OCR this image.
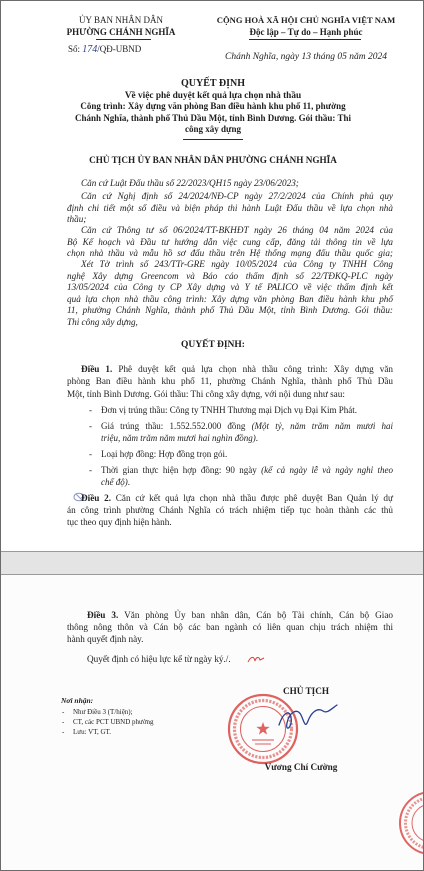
ỦY BAN NHÂN DÂN
PHƯỜNG CHÁNH NGHĨA
Số: 174/QĐ-UBND
CỘNG HOÀ XÃ HỘI CHỦ NGHĨA VIỆT NAM
Độc lập – Tự do – Hạnh phúc
Chánh Nghĩa, ngày 13 tháng 05 năm 2024
QUYẾT ĐỊNH
Về việc phê duyệt kết quả lựa chọn nhà thầu
Công trình: Xây dựng văn phòng Ban điều hành khu phố 11, phường
Chánh Nghĩa, thành phố Thủ Dầu Một, tỉnh Bình Dương. Gói thầu: Thi
công xây dựng
CHỦ TỊCH ỦY BAN NHÂN DÂN PHƯỜNG CHÁNH NGHĨA
Căn cứ Luật Đấu thầu số 22/2023/QH15 ngày 23/06/2023;
Căn cứ Nghị định số 24/2024/NĐ-CP ngày 27/2/2024 của Chính phủ quy
định chi tiết một số điều và biện pháp thi hành Luật Đấu thầu về lựa chọn nhà
thầu;
Căn cứ Thông tư số 06/2024/TT-BKHĐT ngày 26 tháng 04 năm 2024 của
Bộ Kế hoạch và Đầu tư hướng dẫn việc cung cấp, đăng tải thông tin về lựa
chọn nhà thầu và mẫu hồ sơ đấu thầu trên Hệ thống mạng đấu thầu quốc gia;
Xét Tờ trình số 243/TTr-GRE ngày 10/05/2024 của Công ty TNHH Công
nghệ Xây dựng Greencom và Báo cáo thẩm định số 22/TĐKQ-PLC ngày
13/05/2024 của Công ty CP Xây dựng và Y tế PALICO về việc thẩm định kết
quả lựa chọn nhà thầu công trình: Xây dựng văn phòng Ban điều hành khu phố
11, phường Chánh Nghĩa, thành phố Thủ Dầu Một, tỉnh Bình Dương. Gói thầu:
Thi công xây dựng,
QUYẾT ĐỊNH:
Điều 1. Phê duyệt kết quả lựa chọn nhà thầu công trình: Xây dựng văn
phòng Ban điều hành khu phố 11, phường Chánh Nghĩa, thành phố Thủ Dầu
Một, tỉnh Bình Dương. Gói thầu: Thi công xây dựng, với nội dung như sau:
- Đơn vị trúng thầu: Công ty TNHH Thương mại Dịch vụ Đại Kim Phát.
- Giá trúng thầu: 1.552.552.000 đồng (Một tỷ, năm trăm năm mươi hai
triệu, năm trăm năm mươi hai nghìn đồng).
- Loại hợp đồng: Hợp đồng trọn gói.
- Thời gian thực hiện hợp đồng: 90 ngày (kể cả ngày lễ và ngày nghỉ theo
chế độ).
Điều 2. Căn cứ kết quả lựa chọn nhà thầu được phê duyệt Ban Quản lý dự
án công trình phường Chánh Nghĩa có trách nhiệm tiếp tục hoàn thành các thủ
tục theo quy định hiện hành.
Điều 3. Văn phòng Ủy ban nhân dân, Cán bộ Tài chính, Cán bộ Giao
thông nông thôn và Cán bộ các ban ngành có liên quan chịu trách nhiệm thi
hành quyết định này.
Quyết định có hiệu lực kể từ ngày ký./.
CHỦ TỊCH
Nơi nhận:
- Như Điều 3 (T/hiện);
- CT, các PCT UBND phường
- Lưu: VT, GT.
Vương Chí Cường
